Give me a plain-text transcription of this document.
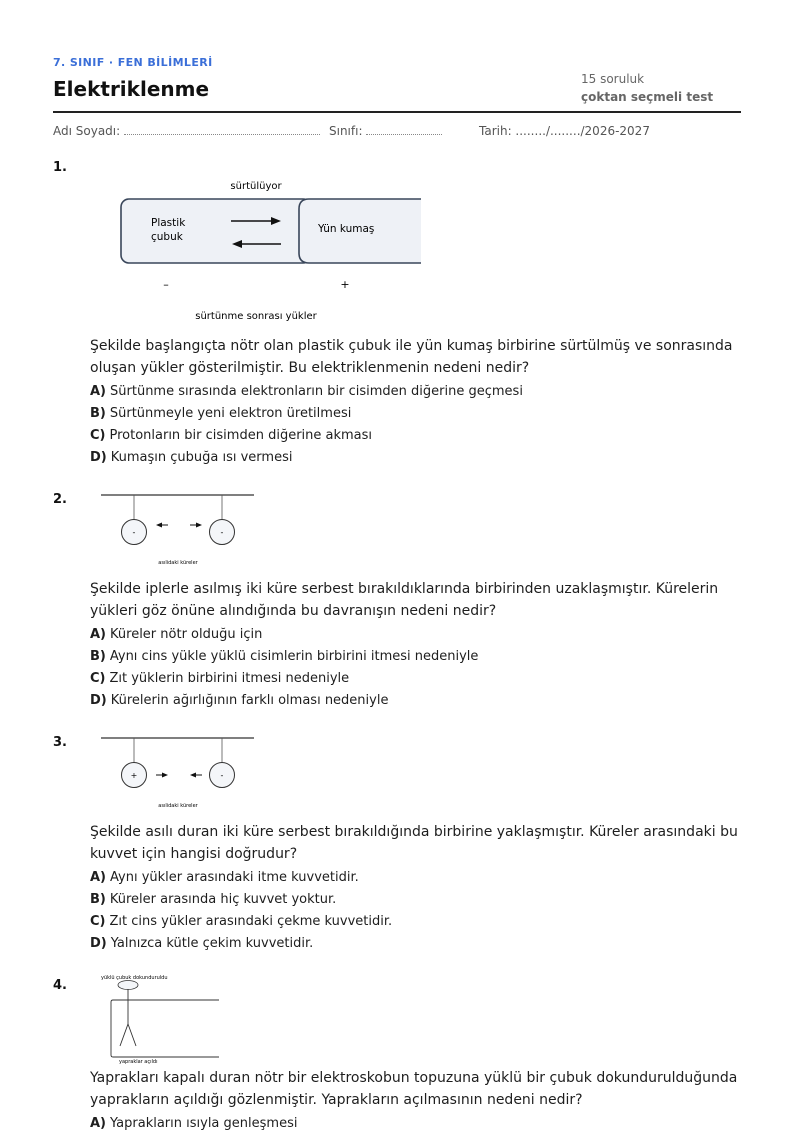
7. SINIF · FEN BİLİMLERİ
Elektriklenme	15 soruluk
çoktan seçmeli test
Adı Soyadı:	Sınıfı:	Tarih: ......../......../2026-2027
1.
sürtülüyor
Plastik
çubuk
Yün kumaş
–	+
sürtünme sonrası yükler
Şekilde başlangıçta nötr olan plastik çubuk ile yün kumaş birbirine sürtülmüş ve sonrasında oluşan yükler gösterilmiştir. Bu elektriklenmenin nedeni nedir?
A) Sürtünme sırasında elektronların bir cisimden diğerine geçmesi
B) Sürtünmeyle yeni elektron üretilmesi
C) Protonların bir cisimden diğerine akması
D) Kumaşın çubuğa ısı vermesi
2.
-	-
asılı̇daki küreler
Şekilde iplerle asılmış iki küre serbest bırakıldıklarında birbirinden uzaklaşmıştır. Kürelerin yükleri göz önüne alındığında bu davranışın nedeni nedir?
A) Küreler nötr olduğu için
B) Aynı cins yükle yüklü cisimlerin birbirini itmesi nedeniyle
C) Zıt yüklerin birbirini itmesi nedeniyle
D) Kürelerin ağırlığının farklı olması nedeniyle
3.
+	-
asılı̇daki küreler
Şekilde asılı duran iki küre serbest bırakıldığında birbirine yaklaşmıştır. Küreler arasındaki bu kuvvet için hangisi doğrudur?
A) Aynı yükler arasındaki itme kuvvetidir.
B) Küreler arasında hiç kuvvet yoktur.
C) Zıt cins yükler arasındaki çekme kuvvetidir.
D) Yalnızca kütle çekim kuvvetidir.
4.	yüklü çubuk dokunduruldu
yapraklar açıldı
Yaprakları kapalı duran nötr bir elektroskobun topuzuna yüklü bir çubuk dokundurulduğunda yaprakların açıldığı gözlenmiştir. Yaprakların açılmasının nedeni nedir?
A) Yaprakların ısıyla genleşmesi
